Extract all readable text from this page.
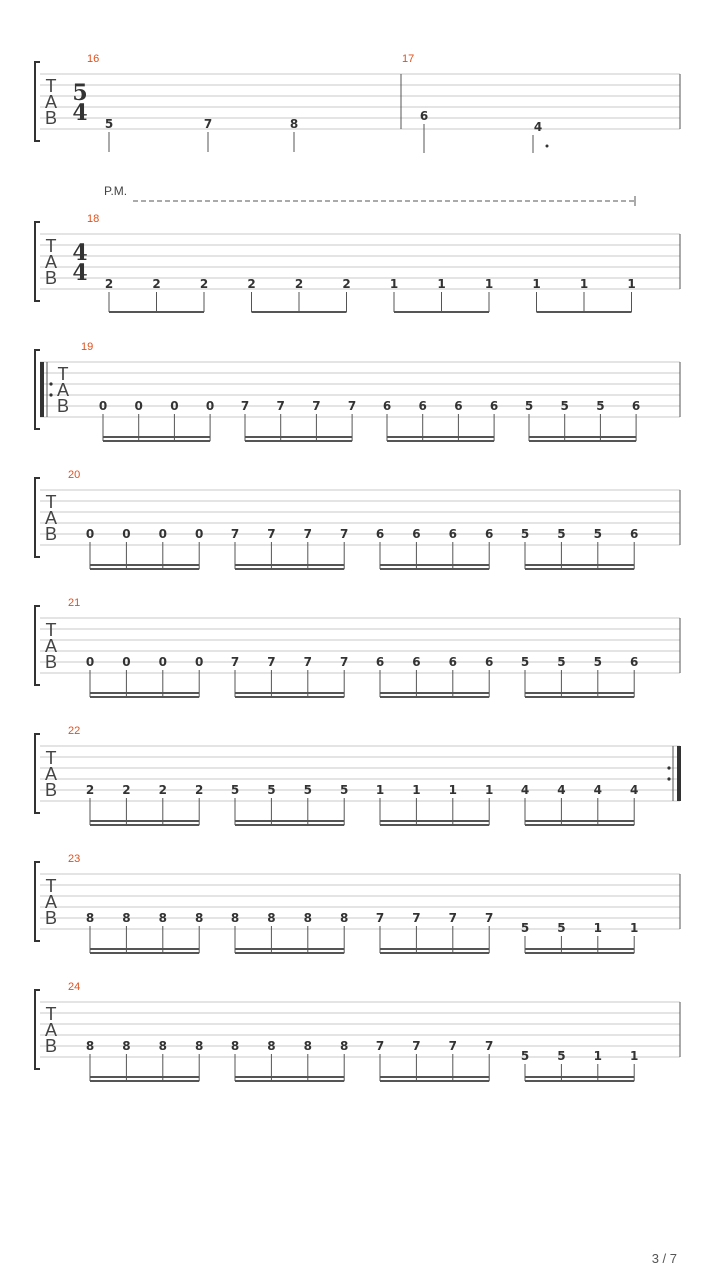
T
A
B
16
5
4 5	7	8
17
6
4
T
A
B
P.M.
18
4
4 2	2	2	2	2	2	1	1	1	1	1	1
T
A
B
19
0 0 0 0 7 7 7 7 6 6 6 6 5 5 5 6
T
A
B
20
0 0 0 0 7 7 7 7 6 6 6 6 5 5 5 6
T
A
B
21
0 0 0 0 7 7 7 7 6 6 6 6 5 5 5 6
T
A
B
22
2 2 2 2 5 5 5 5 1 1 1 1 4 4 4 4
T
A
B
23
8 8 8 8 8 8 8 8 7 7 7 7
5 5 1 1
T
A
B
24
8 8 8 8 8 8 8 8 7 7 7 7
5 5 1 1
3 / 7
